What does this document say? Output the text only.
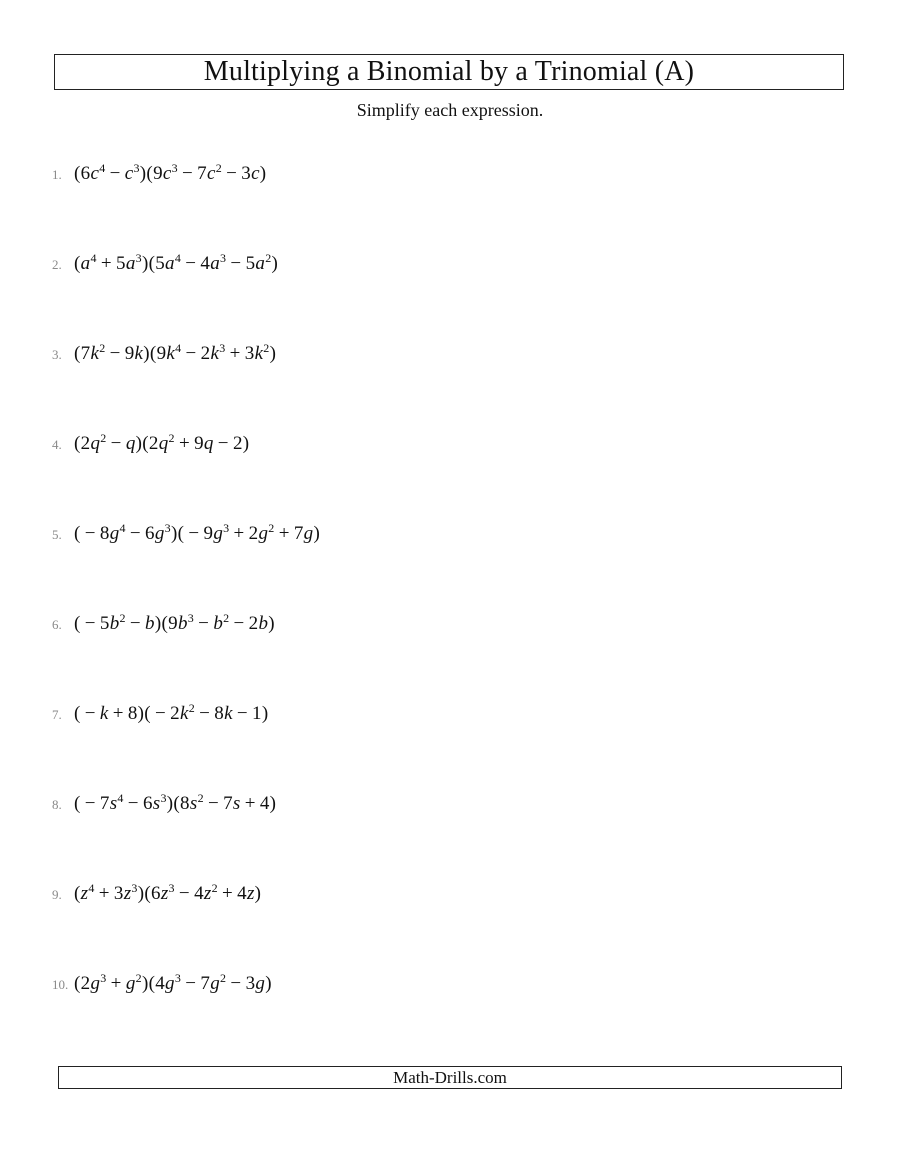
Multiplying a Binomial by a Trinomial (A)

Simplify each expression.

1. $(6c^4 - c^3)(9c^3 - 7c^2 - 3c)$
2. $(a^4 + 5a^3)(5a^4 - 4a^3 - 5a^2)$
3. $(7k^2 - 9k)(9k^4 - 2k^3 + 3k^2)$
4. $(2q^2 - q)(2q^2 + 9q - 2)$
5. ( − $8g^4 - 6g^3)( - 9g^3 + 2g^2 + 7g)$
6. ( − $5b^2 - b)(9b^3 - b^2 - 2b)$
7. ( − $k + 8)( - 2k^2 - 8k - 1)$
8. ( − $7s^4 - 6s^3)(8s^2 - 7s + 4)$
9. $(z^4 + 3z^3)(6z^3 - 4z^2 + 4z)$
10. $(2g^3 + g^2)(4g^3 - 7g^2 - 3g)$
Math-Drills.com
